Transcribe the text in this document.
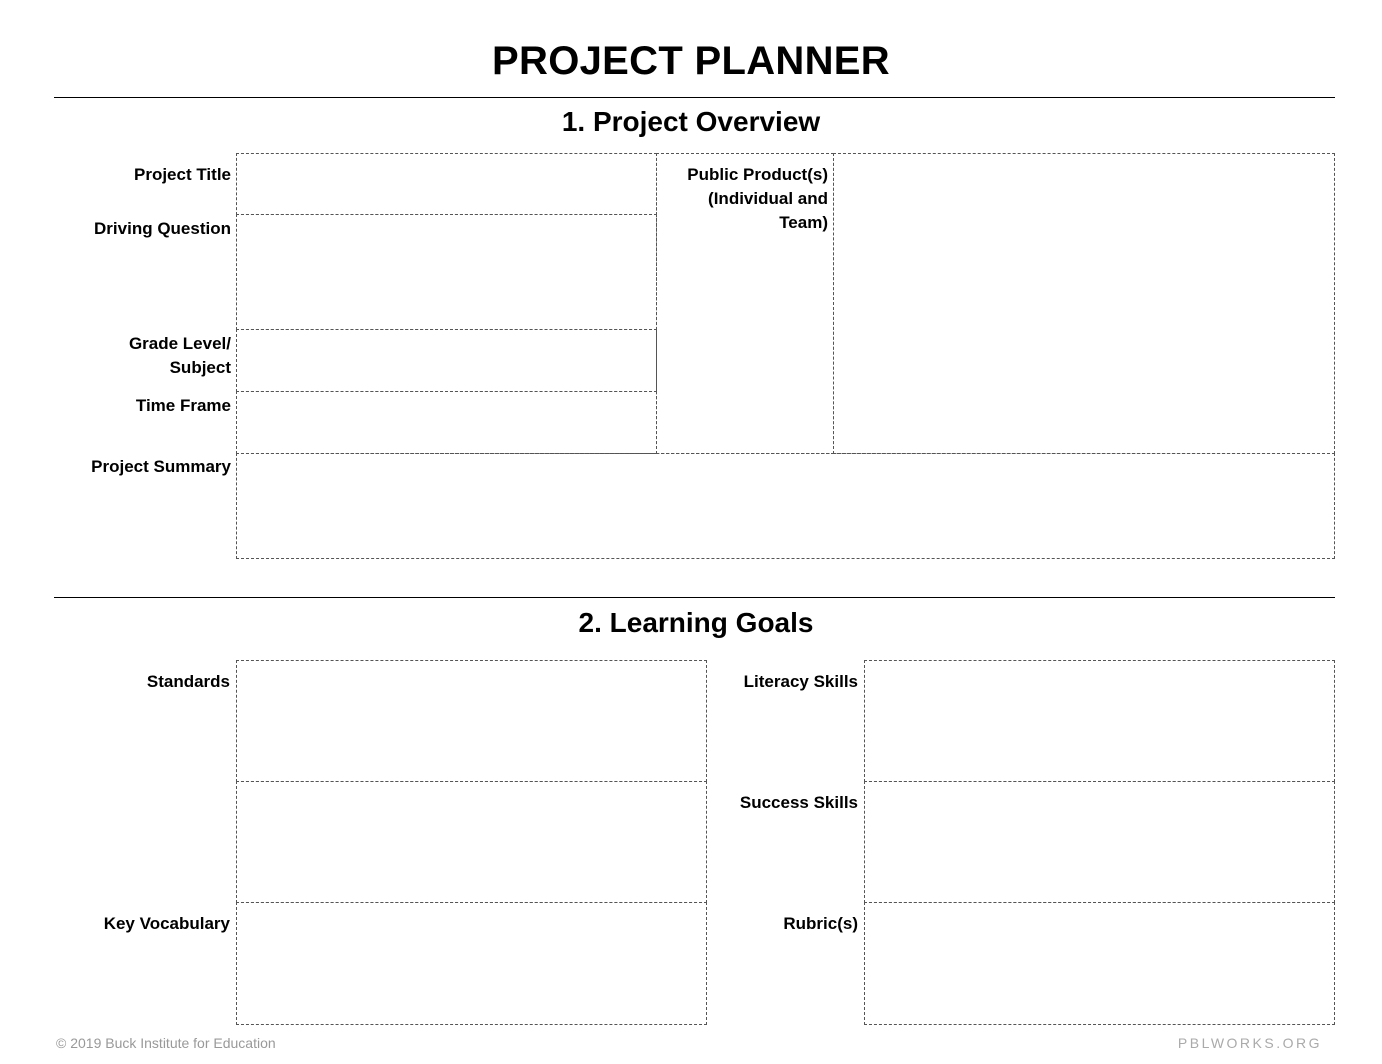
PROJECT PLANNER
1. Project Overview
Project Title
Driving Question
Grade Level/
Subject
Time Frame
Project Summary
Public Product(s)
(Individual and
Team)
2. Learning Goals
Standards
Key Vocabulary
Literacy Skills
Success Skills
Rubric(s)
© 2019 Buck Institute for Education	PBLWORKS.ORG
